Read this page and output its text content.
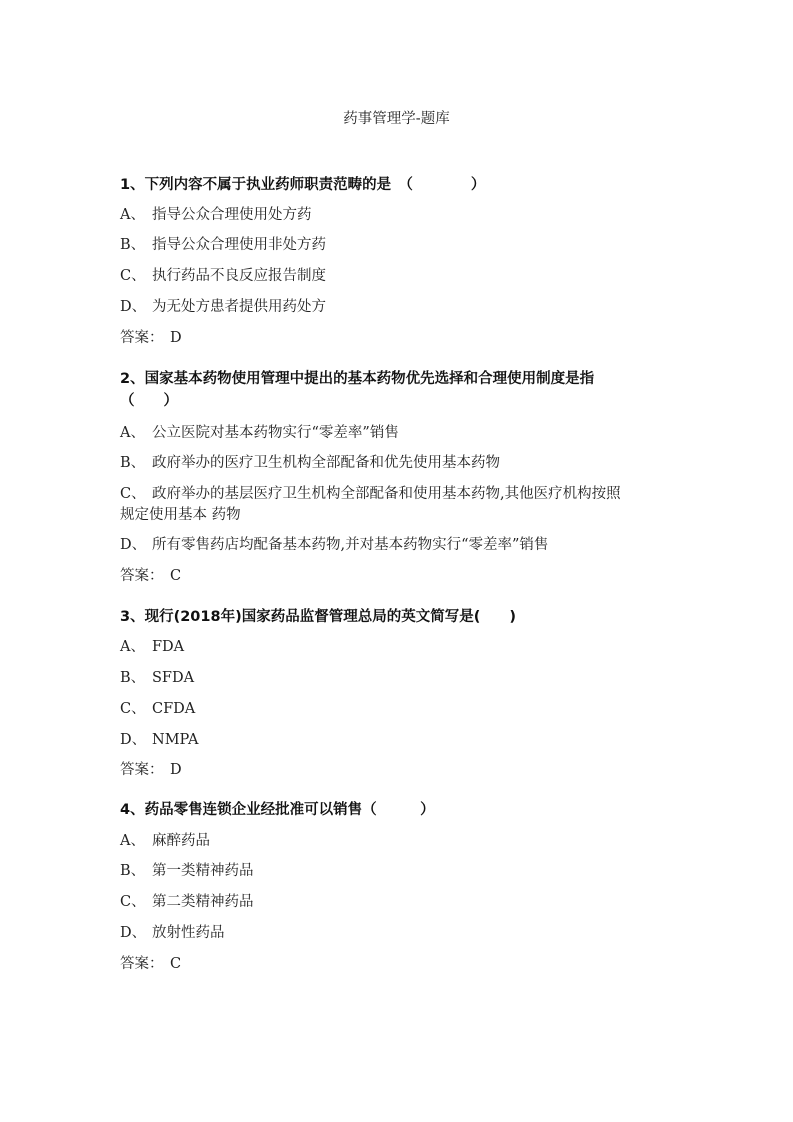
药事管理学-题库
1、下列内容不属于执业药师职责范畴的是　（　　　　）
A、 指导公众合理使用处方药
B、 指导公众合理使用非处方药
C、 执行药品不良反应报告制度
D、 为无处方患者提供用药处方
答案： D
2、国家基本药物使用管理中提出的基本药物优先选择和合理使用制度是指
（　　）
A、 公立医院对基本药物实行“零差率”销售
B、 政府举办的医疗卫生机构全部配备和优先使用基本药物
C、 政府举办的基层医疗卫生机构全部配备和使用基本药物,其他医疗机构按照
规定使用基本 药物
D、 所有零售药店均配备基本药物,并对基本药物实行“零差率”销售
答案： C
3、现行(2018年)国家药品监督管理总局的英文简写是(　　)
A、 FDA
B、 SFDA
C、 CFDA
D、 NMPA
答案： D
4、药品零售连锁企业经批准可以销售（　　　）
A、 麻醉药品
B、 第一类精神药品
C、 第二类精神药品
D、 放射性药品
答案： C
